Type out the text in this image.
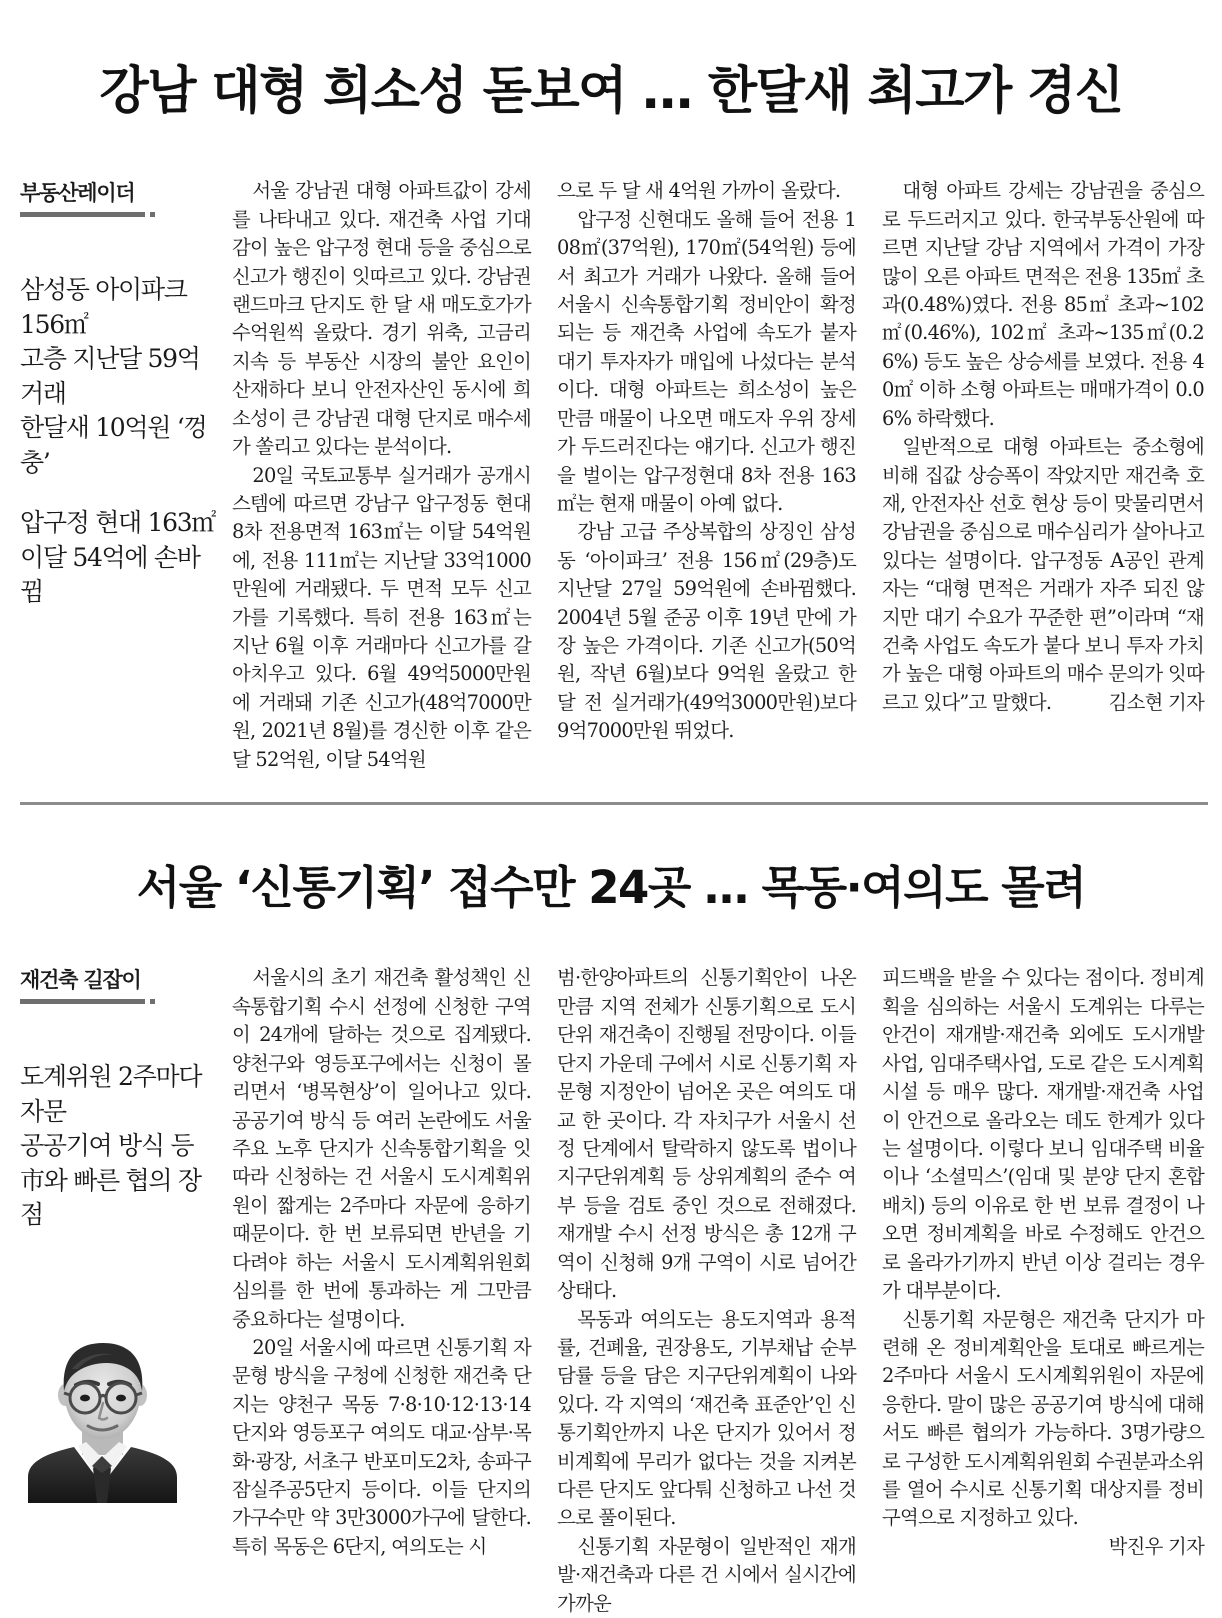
강남 대형 희소성 돋보여 … 한달새 최고가 경신
부동산레이더
삼성동 아이파크 156㎡
고층 지난달 59억 거래
한달새 10억원 ‘껑충’
압구정 현대 163㎡
이달 54억에 손바뀜

서울 강남권 대형 아파트값이 강세를 나타내고 있다. 재건축 사업 기대감이 높은 압구정 현대 등을 중심으로 신고가 행진이 잇따르고 있다. 강남권 랜드마크 단지도 한 달 새 매도호가가 수억원씩 올랐다. 경기 위축, 고금리 지속 등 부동산 시장의 불안 요인이 산재하다 보니 안전자산인 동시에 희소성이 큰 강남권 대형 단지로 매수세가 쏠리고 있다는 분석이다.

20일 국토교통부 실거래가 공개시스템에 따르면 강남구 압구정동 현대 8차 전용면적 163㎡는 이달 54억원에, 전용 111㎡는 지난달 33억1000만원에 거래됐다. 두 면적 모두 신고가를 기록했다. 특히 전용 163㎡는 지난 6월 이후 거래마다 신고가를 갈아치우고 있다. 6월 49억5000만원에 거래돼 기존 신고가(48억7000만원, 2021년 8월)를 경신한 이후 같은 달 52억원, 이달 54억원

으로 두 달 새 4억원 가까이 올랐다.

압구정 신현대도 올해 들어 전용 108㎡(37억원), 170㎡(54억원) 등에서 최고가 거래가 나왔다. 올해 들어 서울시 신속통합기획 정비안이 확정되는 등 재건축 사업에 속도가 붙자 대기 투자자가 매입에 나섰다는 분석이다. 대형 아파트는 희소성이 높은 만큼 매물이 나오면 매도자 우위 장세가 두드러진다는 얘기다. 신고가 행진을 벌이는 압구정현대 8차 전용 163㎡는 현재 매물이 아예 없다.

강남 고급 주상복합의 상징인 삼성동 ‘아이파크’ 전용 156㎡(29층)도 지난달 27일 59억원에 손바뀜했다. 2004년 5월 준공 이후 19년 만에 가장 높은 가격이다. 기존 신고가(50억원, 작년 6월)보다 9억원 올랐고 한 달 전 실거래가(49억3000만원)보다 9억7000만원 뛰었다.

대형 아파트 강세는 강남권을 중심으로 두드러지고 있다. 한국부동산원에 따르면 지난달 강남 지역에서 가격이 가장 많이 오른 아파트 면적은 전용 135㎡ 초과(0.48%)였다. 전용 85㎡ 초과~102㎡(0.46%), 102㎡ 초과~135㎡(0.26%) 등도 높은 상승세를 보였다. 전용 40㎡ 이하 소형 아파트는 매매가격이 0.06% 하락했다.

일반적으로 대형 아파트는 중소형에 비해 집값 상승폭이 작았지만 재건축 호재, 안전자산 선호 현상 등이 맞물리면서 강남권을 중심으로 매수심리가 살아나고 있다는 설명이다. 압구정동 A공인 관계자는 “대형 면적은 거래가 자주 되진 않지만 대기 수요가 꾸준한 편”이라며 “재건축 사업도 속도가 붙다 보니 투자 가치가 높은 대형 아파트의 매수 문의가 잇따르고 있다”고 말했다.	 김소현 기자

서울 ‘신통기획’ 접수만 24곳 … 목동·여의도 몰려
재건축 길잡이
도계위원 2주마다 자문
공공기여 방식 등
市와 빠른 협의 장점

서울시의 초기 재건축 활성책인 신속통합기획 수시 선정에 신청한 구역이 24개에 달하는 것으로 집계됐다. 양천구와 영등포구에서는 신청이 몰리면서 ‘병목현상’이 일어나고 있다. 공공기여 방식 등 여러 논란에도 서울 주요 노후 단지가 신속통합기획을 잇따라 신청하는 건 서울시 도시계획위원이 짧게는 2주마다 자문에 응하기 때문이다. 한 번 보류되면 반년을 기다려야 하는 서울시 도시계획위원회 심의를 한 번에 통과하는 게 그만큼 중요하다는 설명이다.

20일 서울시에 따르면 신통기획 자문형 방식을 구청에 신청한 재건축 단지는 양천구 목동 7·8·10·12·13·14단지와 영등포구 여의도 대교·삼부·목화·광장, 서초구 반포미도2차, 송파구 잠실주공5단지 등이다. 이들 단지의 가구수만 약 3만3000가구에 달한다. 특히 목동은 6단지, 여의도는 시

범·한양아파트의 신통기획안이 나온 만큼 지역 전체가 신통기획으로 도시 단위 재건축이 진행될 전망이다. 이들 단지 가운데 구에서 시로 신통기획 자문형 지정안이 넘어온 곳은 여의도 대교 한 곳이다. 각 자치구가 서울시 선정 단계에서 탈락하지 않도록 법이나 지구단위계획 등 상위계획의 준수 여부 등을 검토 중인 것으로 전해졌다. 재개발 수시 선정 방식은 총 12개 구역이 신청해 9개 구역이 시로 넘어간 상태다.

목동과 여의도는 용도지역과 용적률, 건폐율, 권장용도, 기부채납 순부담률 등을 담은 지구단위계획이 나와 있다. 각 지역의 ‘재건축 표준안’인 신통기획안까지 나온 단지가 있어서 정비계획에 무리가 없다는 것을 지켜본 다른 단지도 앞다퉈 신청하고 나선 것으로 풀이된다.

신통기획 자문형이 일반적인 재개발·재건축과 다른 건 시에서 실시간에 가까운

피드백을 받을 수 있다는 점이다. 정비계획을 심의하는 서울시 도계위는 다루는 안건이 재개발·재건축 외에도 도시개발사업, 임대주택사업, 도로 같은 도시계획시설 등 매우 많다. 재개발·재건축 사업이 안건으로 올라오는 데도 한계가 있다는 설명이다. 이렇다 보니 임대주택 비율이나 ‘소셜믹스’(임대 및 분양 단지 혼합 배치) 등의 이유로 한 번 보류 결정이 나오면 정비계획을 바로 수정해도 안건으로 올라가기까지 반년 이상 걸리는 경우가 대부분이다.

신통기획 자문형은 재건축 단지가 마련해 온 정비계획안을 토대로 빠르게는 2주마다 서울시 도시계획위원이 자문에 응한다. 말이 많은 공공기여 방식에 대해서도 빠른 협의가 가능하다. 3명가량으로 구성한 도시계획위원회 수권분과소위를 열어 수시로 신통기획 대상지를 정비구역으로 지정하고 있다.
 박진우 기자
